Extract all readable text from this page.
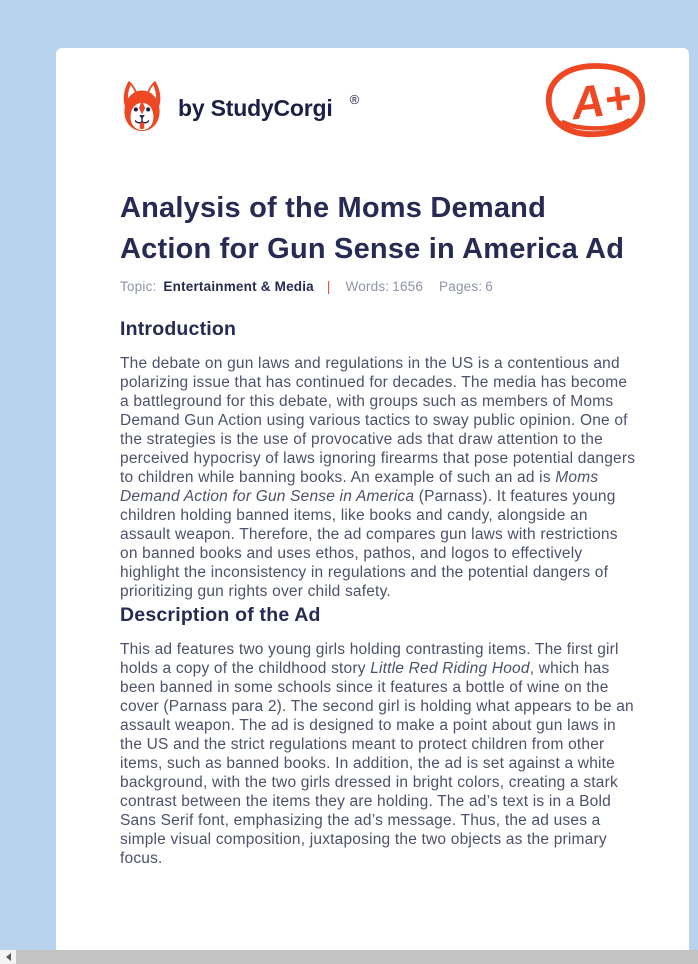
by StudyCorgi ®	A+
Analysis of the Moms Demand Action for Gun Sense in America Ad
Topic: Entertainment & Media | Words: 1656 Pages: 6
Introduction

The debate on gun laws and regulations in the US is a contentious and polarizing issue that has continued for decades. The media has become a battleground for this debate, with groups such as members of Moms Demand Gun Action using various tactics to sway public opinion. One of the strategies is the use of provocative ads that draw attention to the perceived hypocrisy of laws ignoring firearms that pose potential dangers to children while banning books. An example of such an ad is Moms Demand Action for Gun Sense in America (Parnass). It features young children holding banned items, like books and candy, alongside an assault weapon. Therefore, the ad compares gun laws with restrictions on banned books and uses ethos, pathos, and logos to effectively highlight the inconsistency in regulations and the potential dangers of prioritizing gun rights over child safety.

Description of the Ad

This ad features two young girls holding contrasting items. The first girl holds a copy of the childhood story Little Red Riding Hood, which has been banned in some schools since it features a bottle of wine on the cover (Parnass para 2). The second girl is holding what appears to be an assault weapon. The ad is designed to make a point about gun laws in the US and the strict regulations meant to protect children from other items, such as banned books. In addition, the ad is set against a white background, with the two girls dressed in bright colors, creating a stark contrast between the items they are holding. The ad’s text is in a Bold Sans Serif font, emphasizing the ad’s message. Thus, the ad uses a simple visual composition, juxtaposing the two objects as the primary focus.
